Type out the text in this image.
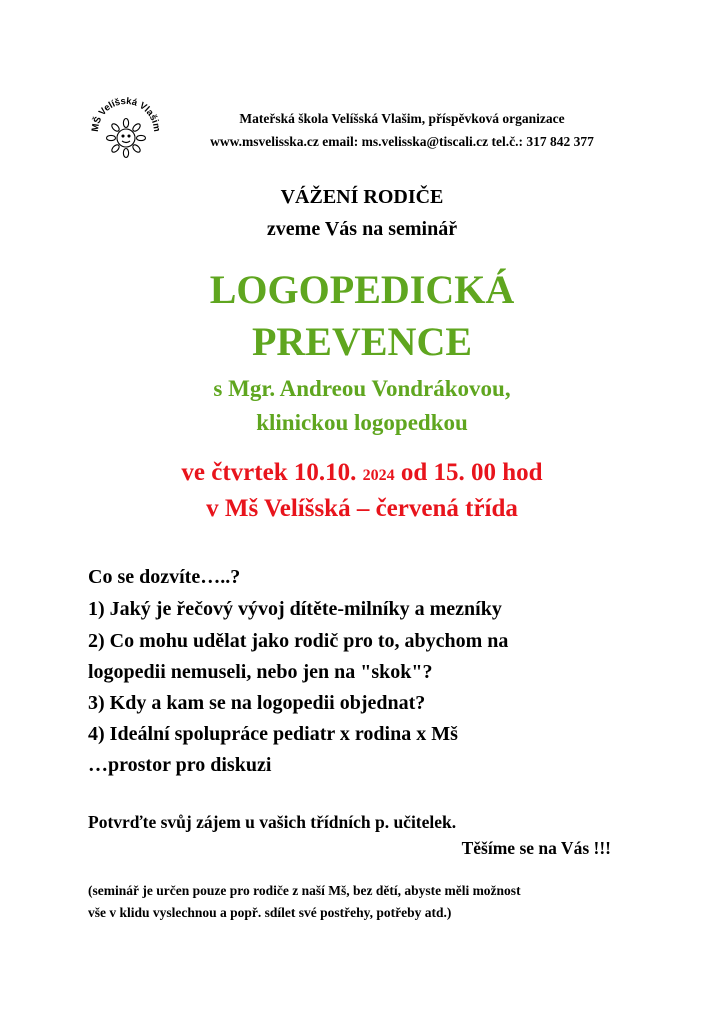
MŠ Velíšská Vlašim
Mateřská škola Velíšská Vlašim, příspěvková organizace
www.msvelisska.cz email: ms.velisska@tiscali.cz tel.č.: 317 842 377
VÁŽENÍ RODIČE
zveme Vás na seminář
LOGOPEDICKÁ
PREVENCE
s Mgr. Andreou Vondrákovou,
klinickou logopedkou
ve čtvrtek 10.10. 2024 od 15. 00 hod
v Mš Velíšská – červená třída
Co se dozvíte…..?
1) Jaký je řečový vývoj dítěte-milníky a mezníky
2) Co mohu udělat jako rodič pro to, abychom na
logopedii nemuseli, nebo jen na "skok"?
3) Kdy a kam se na logopedii objednat?
4) Ideální spolupráce pediatr x rodina x Mš
…prostor pro diskuzi
Potvrďte svůj zájem u vašich třídních p. učitelek.
Těšíme se na Vás !!!
(seminář je určen pouze pro rodiče z naší Mš, bez dětí, abyste měli možnost
vše v klidu vyslechnou a popř. sdílet své postřehy, potřeby atd.)
